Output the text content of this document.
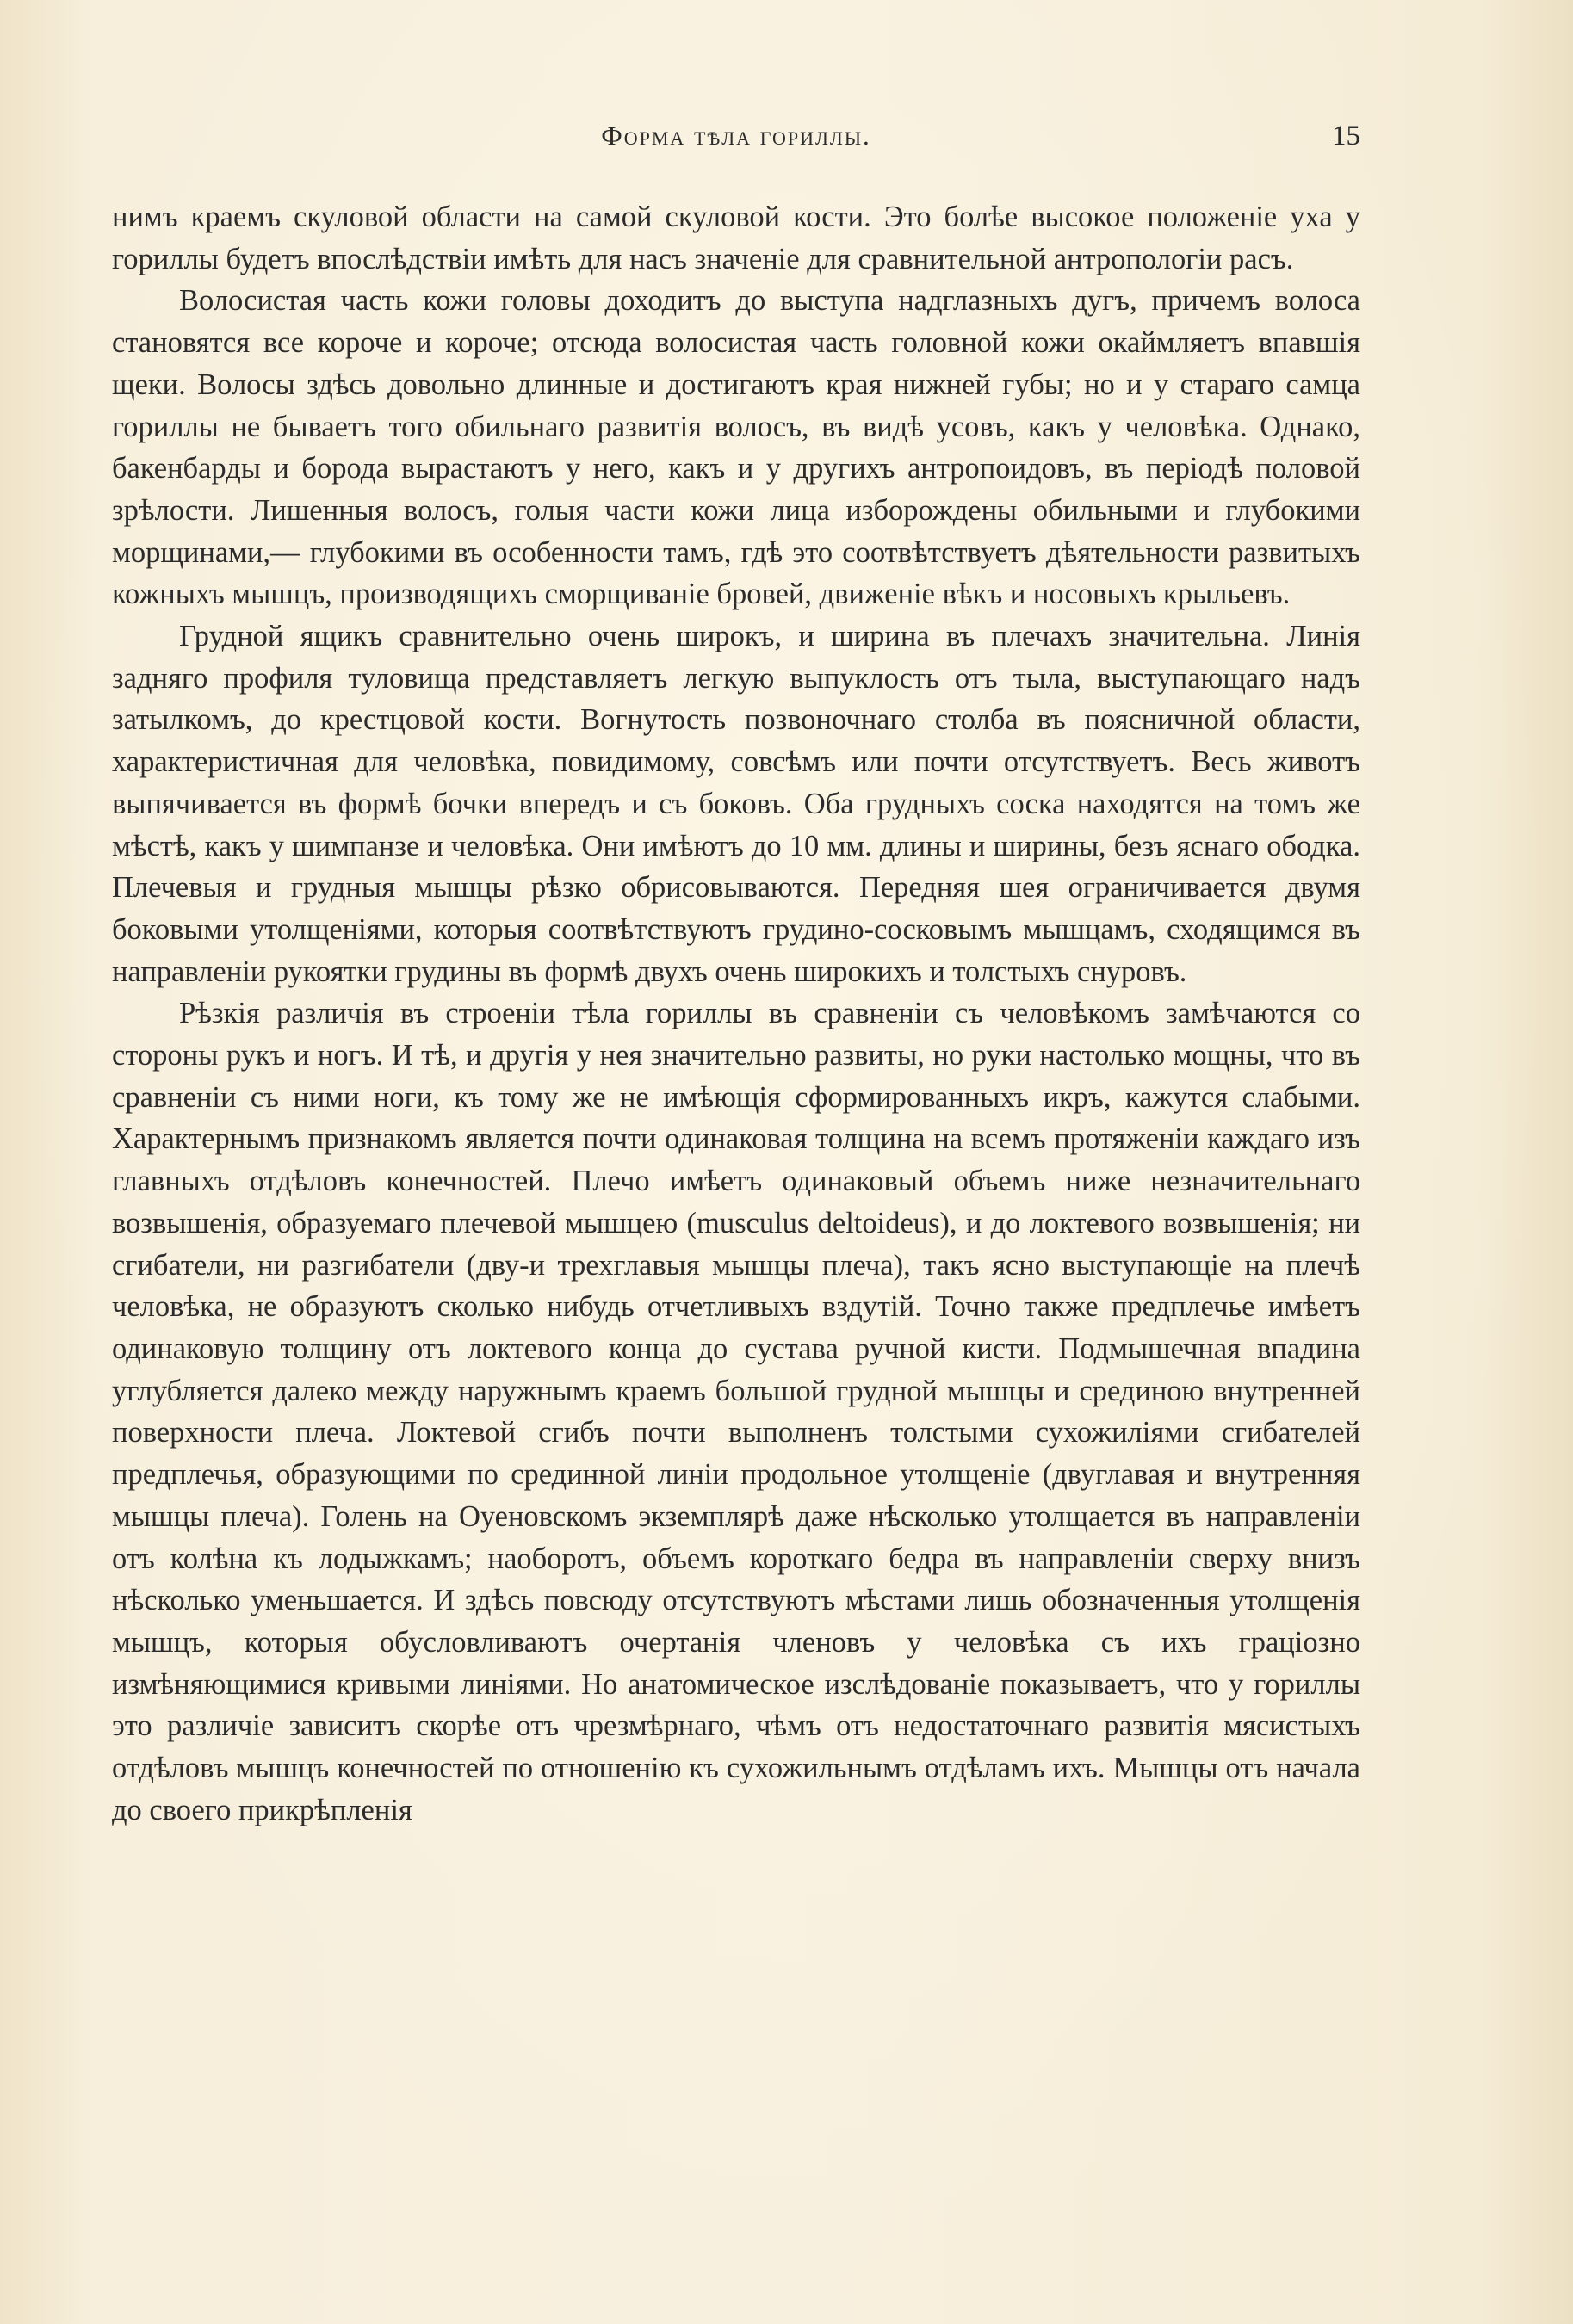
Форма тѣла гориллы.	15

нимъ краемъ скуловой области на самой скуловой кости. Это болѣе высокое положеніе уха у гориллы будетъ впослѣдствіи имѣть для насъ значеніе для сравнительной антропологіи расъ.

Волосистая часть кожи головы доходитъ до выступа надглазныхъ дугъ, причемъ волоса становятся все короче и короче; отсюда волосистая часть головной кожи окаймляетъ впавшія щеки. Волосы здѣсь довольно длинные и достигаютъ края нижней губы; но и у стараго самца гориллы не бываетъ того обильнаго развитія волосъ, въ видѣ усовъ, какъ у человѣка. Однако, бакенбарды и борода вырастаютъ у него, какъ и у другихъ антропоидовъ, въ періодѣ половой зрѣлости. Лишенныя волосъ, голыя части кожи лица изборождены обильными и глубокими морщинами,— глубокими въ особенности тамъ, гдѣ это соотвѣтствуетъ дѣятельности развитыхъ кожныхъ мышцъ, производящихъ сморщиваніе бровей, движеніе вѣкъ и носовыхъ крыльевъ.

Грудной ящикъ сравнительно очень широкъ, и ширина въ плечахъ значительна. Линія задняго профиля туловища представляетъ легкую выпуклость отъ тыла, выступающаго надъ затылкомъ, до крестцовой кости. Вогнутость позвоночнаго столба въ поясничной области, характеристичная для человѣка, повидимому, совсѣмъ или почти отсутствуетъ. Весь животъ выпячивается въ формѣ бочки впередъ и съ боковъ. Оба грудныхъ соска находятся на томъ же мѣстѣ, какъ у шимпанзе и человѣка. Они имѣютъ до 10 мм. длины и ширины, безъ яснаго ободка. Плечевыя и грудныя мышцы рѣзко обрисовываются. Передняя шея ограничивается двумя боковыми утолщеніями, которыя соотвѣтствуютъ грудино-сосковымъ мышцамъ, сходящимся въ направленіи рукоятки грудины въ формѣ двухъ очень широкихъ и толстыхъ снуровъ.

Рѣзкія различія въ строеніи тѣла гориллы въ сравненіи съ человѣкомъ замѣчаются со стороны рукъ и ногъ. И тѣ, и другія у нея значительно развиты, но руки настолько мощны, что въ сравненіи съ ними ноги, къ тому же не имѣющія сформированныхъ икръ, кажутся слабыми. Характернымъ признакомъ является почти одинаковая толщина на всемъ протяженіи каждаго изъ главныхъ отдѣловъ конечностей. Плечо имѣетъ одинаковый объемъ ниже незначительнаго возвышенія, образуемаго плечевой мышцею (musculus deltoideus), и до локтевого возвышенія; ни сгибатели, ни разгибатели (дву-и трехглавыя мышцы плеча), такъ ясно выступающіе на плечѣ человѣка, не образуютъ сколько нибудь отчетливыхъ вздутій. Точно также предплечье имѣетъ одинаковую толщину отъ локтевого конца до сустава ручной кисти. Подмышечная впадина углубляется далеко между наружнымъ краемъ большой грудной мышцы и срединою внутренней поверхности плеча. Локтевой сгибъ почти выполненъ толстыми сухожиліями сгибателей предплечья, образующими по срединной линіи продольное утолщеніе (двуглавая и внутренняя мышцы плеча). Голень на Оуеновскомъ экземплярѣ даже нѣсколько утолщается въ направленіи отъ колѣна къ лодыжкамъ; наоборотъ, объемъ короткаго бедра въ направленіи сверху внизъ нѣсколько уменьшается. И здѣсь повсюду отсутствуютъ мѣстами лишь обозначенныя утолщенія мышцъ, которыя обусловливаютъ очертанія членовъ у человѣка съ ихъ граціозно измѣняющимися кривыми линіями. Но анатомическое изслѣдованіе показываетъ, что у гориллы это различіе зависитъ скорѣе отъ чрезмѣрнаго, чѣмъ отъ недостаточнаго развитія мясистыхъ отдѣловъ мышцъ конечностей по отношенію къ сухожильнымъ отдѣламъ ихъ. Мышцы отъ начала до своего прикрѣпленія
